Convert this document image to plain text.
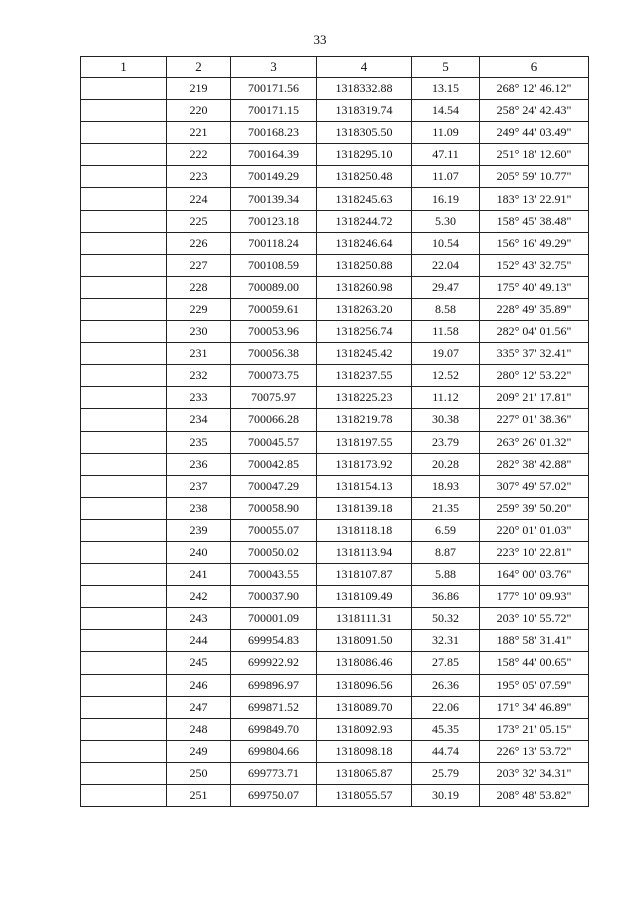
33
1	2	3	4	5	6
	219	700171.56	1318332.88	13.15	268° 12' 46.12"
	220	700171.15	1318319.74	14.54	258° 24' 42.43"
	221	700168.23	1318305.50	11.09	249° 44' 03.49"
	222	700164.39	1318295.10	47.11	251° 18' 12.60"
	223	700149.29	1318250.48	11.07	205° 59' 10.77"
	224	700139.34	1318245.63	16.19	183° 13' 22.91"
	225	700123.18	1318244.72	5.30	158° 45' 38.48"
	226	700118.24	1318246.64	10.54	156° 16' 49.29"
	227	700108.59	1318250.88	22.04	152° 43' 32.75"
	228	700089.00	1318260.98	29.47	175° 40' 49.13"
	229	700059.61	1318263.20	8.58	228° 49' 35.89"
	230	700053.96	1318256.74	11.58	282° 04' 01.56"
	231	700056.38	1318245.42	19.07	335° 37' 32.41"
	232	700073.75	1318237.55	12.52	280° 12' 53.22"
	233	70075.97	1318225.23	11.12	209° 21' 17.81"
	234	700066.28	1318219.78	30.38	227° 01' 38.36"
	235	700045.57	1318197.55	23.79	263° 26' 01.32"
	236	700042.85	1318173.92	20.28	282° 38' 42.88"
	237	700047.29	1318154.13	18.93	307° 49' 57.02"
	238	700058.90	1318139.18	21.35	259° 39' 50.20"
	239	700055.07	1318118.18	6.59	220° 01' 01.03"
	240	700050.02	1318113.94	8.87	223° 10' 22.81"
	241	700043.55	1318107.87	5.88	164° 00' 03.76"
	242	700037.90	1318109.49	36.86	177° 10' 09.93"
	243	700001.09	1318111.31	50.32	203° 10' 55.72"
	244	699954.83	1318091.50	32.31	188° 58' 31.41"
	245	699922.92	1318086.46	27.85	158° 44' 00.65"
	246	699896.97	1318096.56	26.36	195° 05' 07.59"
	247	699871.52	1318089.70	22.06	171° 34' 46.89"
	248	699849.70	1318092.93	45.35	173° 21' 05.15"
	249	699804.66	1318098.18	44.74	226° 13' 53.72"
	250	699773.71	1318065.87	25.79	203° 32' 34.31"
	251	699750.07	1318055.57	30.19	208° 48' 53.82"
